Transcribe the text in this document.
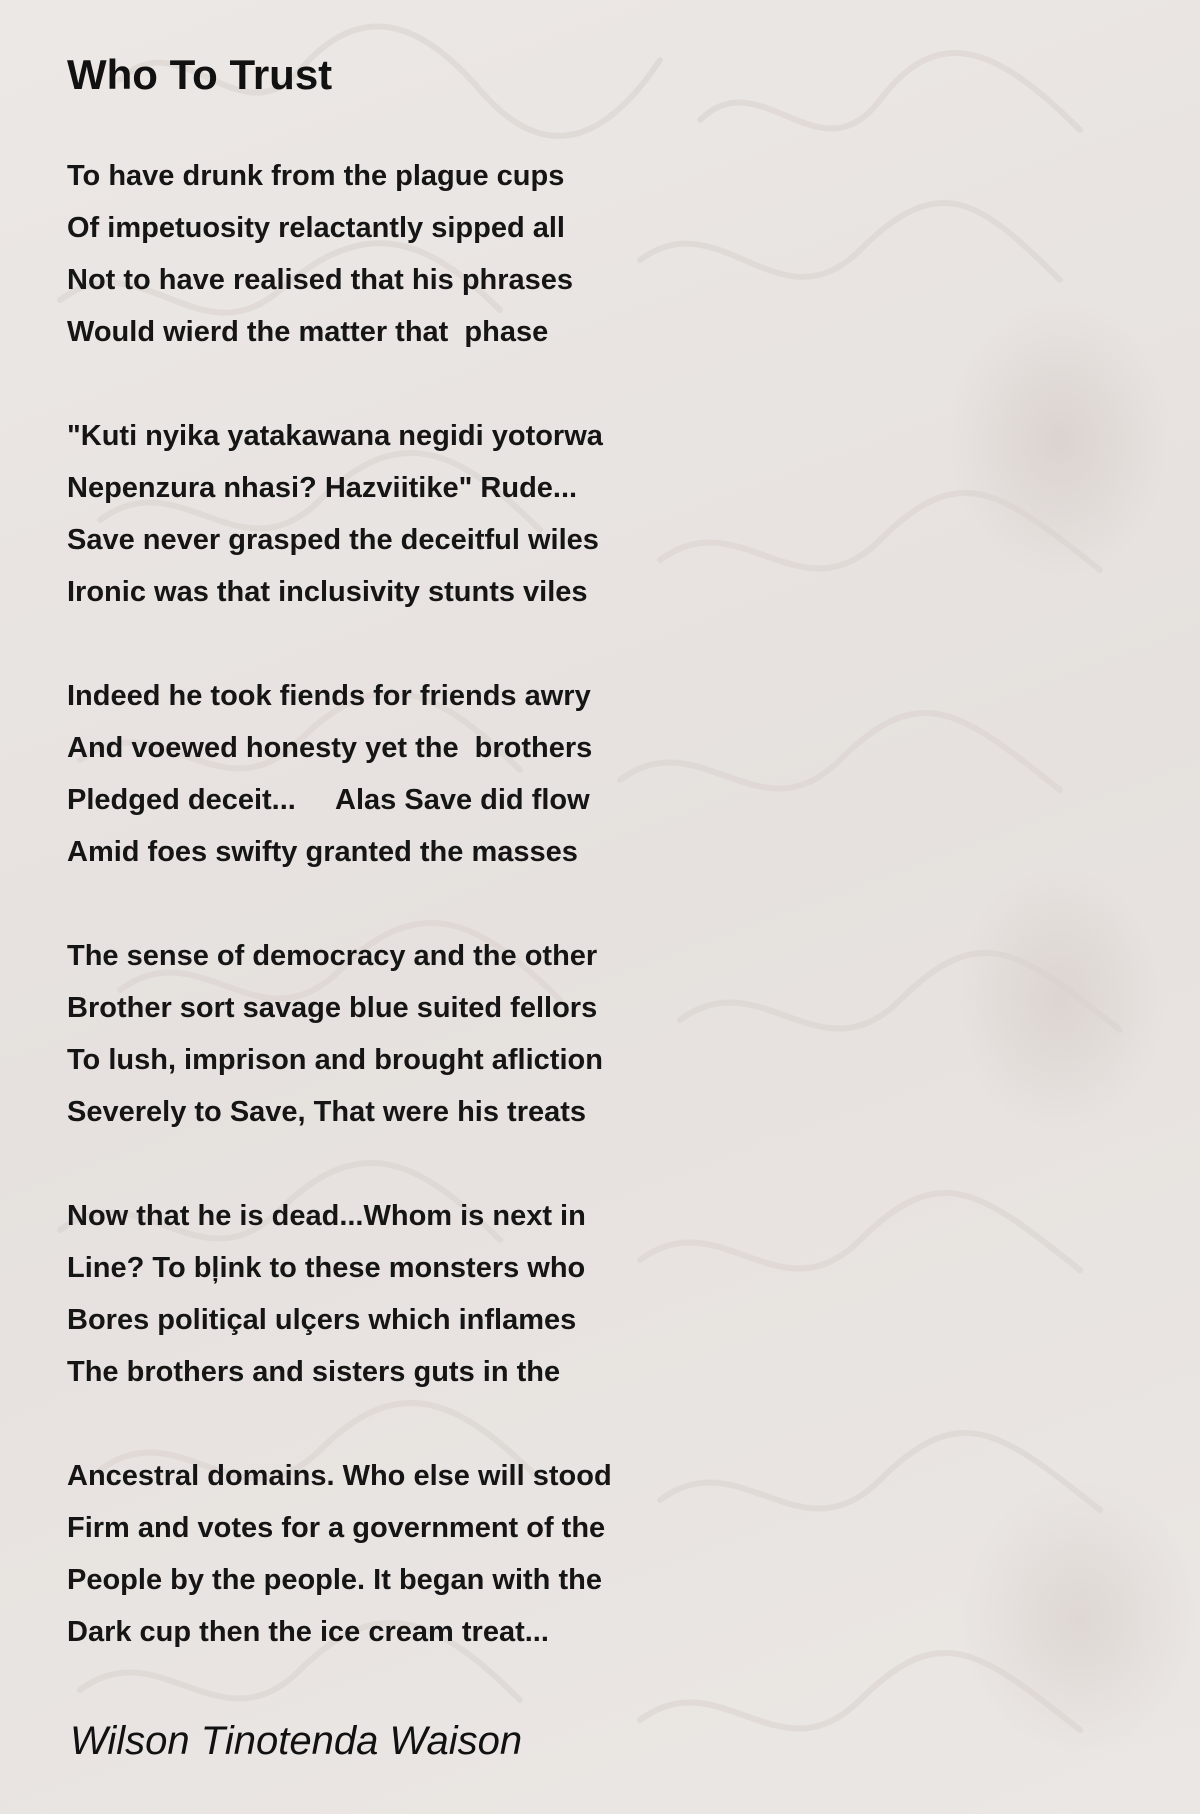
Who To Trust
To have drunk from the plague cups
Of impetuosity relactantly sipped all
Not to have realised that his phrases
Would wierd the matter that  phase
"Kuti nyika yatakawana negidi yotorwa
Nepenzura nhasi? Hazviitike" Rude...
Save never grasped the deceitful wiles
Ironic was that inclusivity stunts viles
Indeed he took fiends for friends awry
And voewed honesty yet the  brothers
Pledged deceit...     Alas Save did flow
Amid foes swifty granted the masses
The sense of democracy and the other
Brother sort savage blue suited fellors
To lush, imprison and brought afliction
Severely to Save, That were his treats
Now that he is dead...Whom is next in
Line? To bļink to these monsters who
Bores politiçal ulçers which inflames
The brothers and sisters guts in the
Ancestral domains. Who else will stood
Firm and votes for a government of the
People by the people. It began with the
Dark cup then the ice cream treat...
Wilson Tinotenda Waison
